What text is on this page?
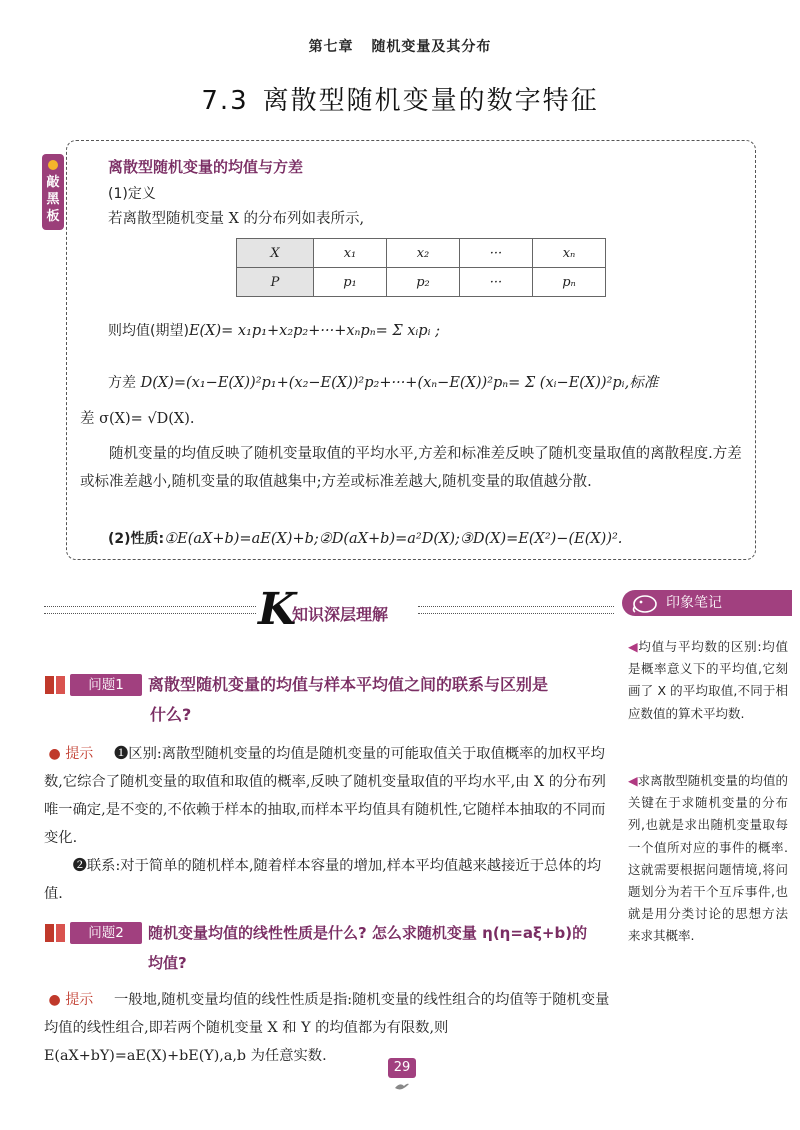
第七章 随机变量及其分布
7.3 离散型随机变量的数字特征
敲黑板
离散型随机变量的均值与方差
(1)定义
若离散型随机变量 X 的分布列如表所示,
X	x₁	x₂	···	xₙ
P	p₁	p₂	···	pₙ
则均值(期望)E(X)= x₁p₁+x₂p₂+···+xₙpₙ= Σ xᵢpᵢ ;
方差 D(X)=(x₁−E(X))²p₁+(x₂−E(X))²p₂+···+(xₙ−E(X))²pₙ= Σ (xᵢ−E(X))²pᵢ,标准
差 σ(X)= √D(X).
随机变量的均值反映了随机变量取值的平均水平,方差和标准差反映了随机变量取值的离散程度.方差或标准差越小,随机变量的取值越集中;方差或标准差越大,随机变量的取值越分散.
(2)性质:①E(aX+b)=aE(X)+b;②D(aX+b)=a²D(X);③D(X)=E(X²)−(E(X))².
K
知识深层理解
印象笔记
问题1	离散型随机变量的均值与样本平均值之间的联系与区别是
什么?
● 提示 ❶区别:离散型随机变量的均值是随机变量的可能取值关于取值概率的加权平均数,它综合了随机变量的取值和取值的概率,反映了随机变量取值的平均水平,由 X 的分布列唯一确定,是不变的,不依赖于样本的抽取,而样本平均值具有随机性,它随样本抽取的不同而变化.
❷联系:对于简单的随机样本,随着样本容量的增加,样本平均值越来越接近于总体的均值.
问题2	随机变量均值的线性性质是什么? 怎么求随机变量 η(η=aξ+b)的
均值?
● 提示 一般地,随机变量均值的线性性质是指:随机变量的线性组合的均值等于随机变量均值的线性组合,即若两个随机变量 X 和 Y 的均值都为有限数,则 E(aX+bY)=aE(X)+bE(Y),a,b 为任意实数.
◀均值与平均数的区别:均值是概率意义下的平均值,它刻画了 X 的平均取值,不同于相应数值的算术平均数.
◀求离散型随机变量的均值的关键在于求随机变量的分布列,也就是求出随机变量取每一个值所对应的事件的概率.这就需要根据问题情境,将问题划分为若干个互斥事件,也就是用分类讨论的思想方法来求其概率.
29
